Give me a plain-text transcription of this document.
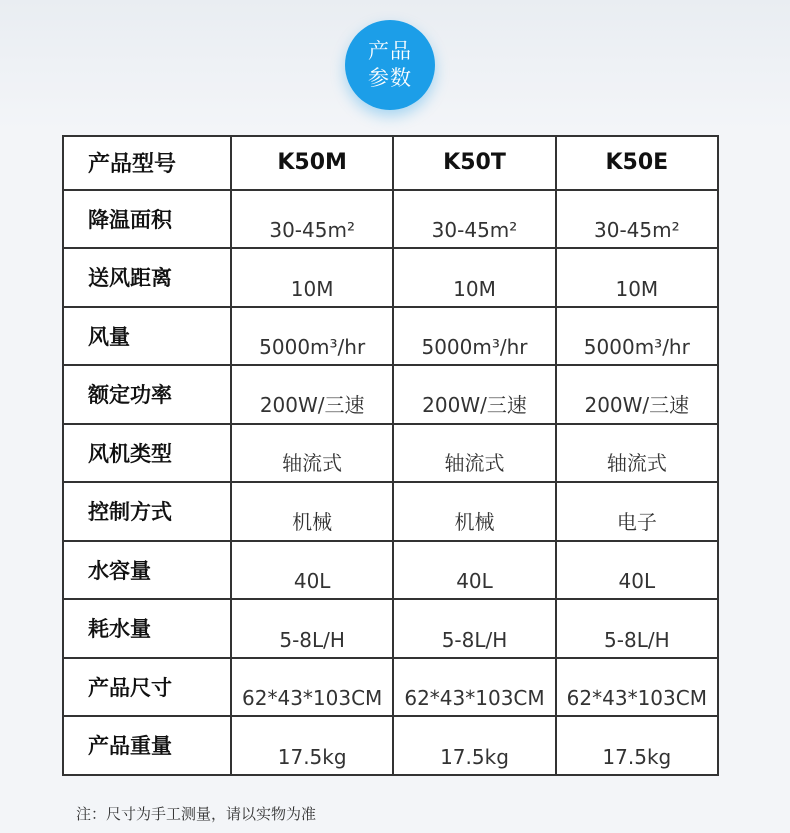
产品
参数
产品型号	K50M	K50T	K50E
降温面积	30-45m²	30-45m²	30-45m²
送风距离	10M	10M	10M
风量	5000m³/hr	5000m³/hr	5000m³/hr
额定功率	200W/三速	200W/三速	200W/三速
风机类型	轴流式	轴流式	轴流式
控制方式	机械	机械	电子
水容量	40L	40L	40L
耗水量	5-8L/H	5-8L/H	5-8L/H
产品尺寸	62*43*103CM	62*43*103CM	62*43*103CM
产品重量	17.5kg	17.5kg	17.5kg
注：尺寸为手工测量，请以实物为准
